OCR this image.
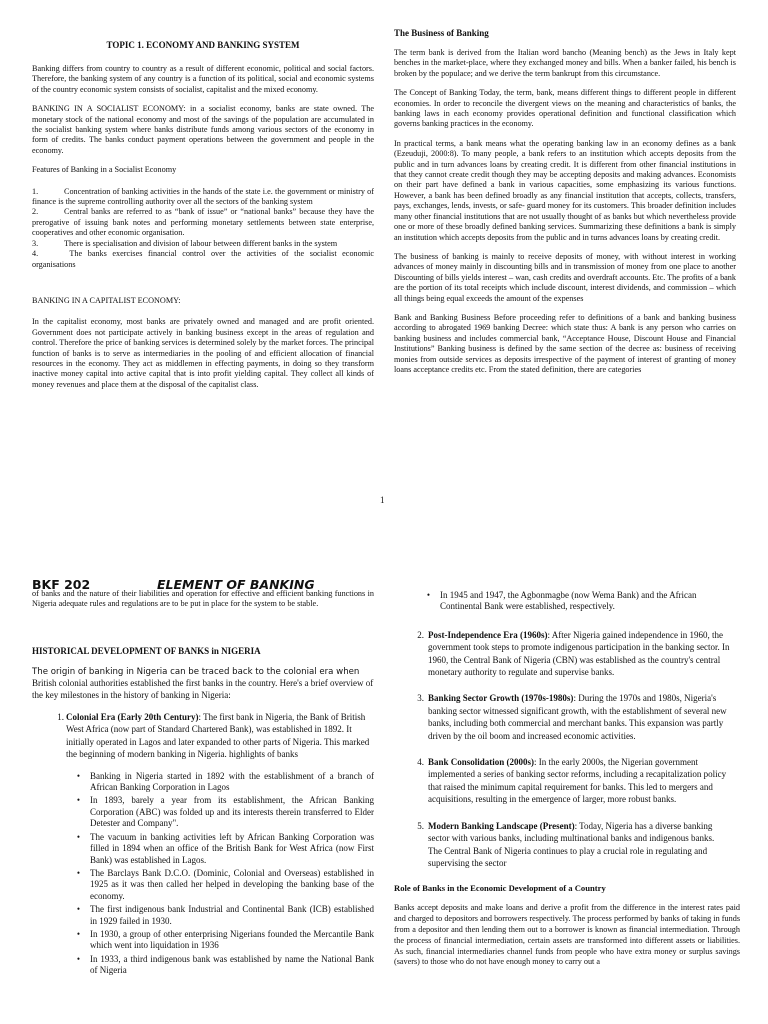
TOPIC 1. ECONOMY AND BANKING SYSTEM

Banking differs from country to country as a result of different economic, political and social factors. Therefore, the banking system of any country is a function of its political, social and economic systems of the country economic system consists of socialist, capitalist and the mixed economy.

BANKING IN A SOCIALIST ECONOMY: in a socialist economy, banks are state owned. The monetary stock of the national economy and most of the savings of the population are accumulated in the socialist banking system where banks distribute funds among various sectors of the economy in form of credits. The banks conduct payment operations between the government and people in the economy.

Features of Banking in a Socialist Economy

1.	Concentration of banking activities in the hands of the state i.e. the government or ministry of finance is the supreme controlling authority over all the sectors of the banking system
2.	Central banks are referred to as “bank of issue” or “national banks” because they have the prerogative of issuing bank notes and performing monetary settlements between state enterprise, cooperatives and other economic organisation.
3.	There is specialisation and division of labour between different banks in the system
4.	The banks exercises financial control over the activities of the socialist economic organisations

BANKING IN A CAPITALIST ECONOMY:

In the capitalist economy, most banks are privately owned and managed and are profit oriented. Government does not participate actively in banking business except in the areas of regulation and control. Therefore the price of banking services is determined solely by the market forces. The principal function of banks is to serve as intermediaries in the pooling of and efficient allocation of financial resources in the economy. They act as middlemen in effecting payments, in doing so they transform inactive money capital into active capital that is into profit yielding capital. They collect all kinds of money revenues and place them at the disposal of the capitalist class.

The Business of Banking

The term bank is derived from the Italian word bancho (Meaning bench) as the Jews in Italy kept benches in the market-place, where they exchanged money and bills. When a banker failed, his bench is broken by the populace; and we derive the term bankrupt from this circumstance.

The Concept of Banking Today, the term, bank, means different things to different people in different economies. In order to reconcile the divergent views on the meaning and characteristics of banks, the banking laws in each economy provides operational definition and functional classification which governs banking practices in the economy.

In practical terms, a bank means what the operating banking law in an economy defines as a bank (Ezeuduji, 2000:8). To many people, a bank refers to an institution which accepts deposits from the public and in turn advances loans by creating credit. It is different from other financial institutions in that they cannot create credit though they may be accepting deposits and making advances. Economists on their part have defined a bank in various capacities, some emphasizing its various functions. However, a bank has been defined broadly as any financial institution that accepts, collects, transfers, pays, exchanges, lends, invests, or safe- guard money for its customers. This broader definition includes many other financial institutions that are not usually thought of as banks but which nevertheless provide one or more of these broadly defined banking services. Summarizing these definitions a bank is simply an institution which accepts deposits from the public and in turns advances loans by creating credit.

The business of banking is mainly to receive deposits of money, with without interest in working advances of money mainly in discounting bills and in transmission of money from one place to another Discounting of bills yields interest – wan, cash credits and overdraft accounts. Etc. The profits of a bank are the portion of its total receipts which include discount, interest dividends, and commission – which all things being equal exceeds the amount of the expenses

Bank and Banking Business Before proceeding refer to definitions of a bank and banking business according to abrogated 1969 banking Decree: which state thus: A bank is any person who carries on banking business and includes commercial bank, “Acceptance House, Discount House and Financial Institutions” Banking business is defined by the same section of the decree as: business of receiving monies from outside services as deposits irrespective of the payment of interest of granting of money loans acceptance credits etc. From the stated definition, there are categories

1
BKF 202	ELEMENT OF BANKING
of banks and the nature of their liabilities and operation for effective and efficient banking functions in Nigeria adequate rules and regulations are to be put in place for the system to be stable.
HISTORICAL DEVELOPMENT OF BANKS in NIGERIA
The origin of banking in Nigeria can be traced back to the colonial era when British colonial authorities established the first banks in the country. Here's a brief overview of the key milestones in the history of banking in Nigeria:
1. Colonial Era (Early 20th Century): The first bank in Nigeria, the Bank of British West Africa (now part of Standard Chartered Bank), was established in 1892. It initially operated in Lagos and later expanded to other parts of Nigeria. This marked the beginning of modern banking in Nigeria. highlights of banks
•	Banking in Nigeria started in 1892 with the establishment of a branch of African Banking Corporation in Lagos
•	In 1893, barely a year from its establishment, the African Banking Corporation (ABC) was folded up and its interests therein transferred to Elder Detester and Company".
•	The vacuum in banking activities left by African Banking Corporation was filled in 1894 when an office of the British Bank for West Africa (now First Bank) was established in Lagos.
•	The Barclays Bank D.C.O. (Dominic, Colonial and Overseas) established in 1925 as it was then called her helped in developing the banking base of the economy.
•	The first indigenous bank Industrial and Continental Bank (ICB) established in 1929 failed in 1930.
•	In 1930, a group of other enterprising Nigerians founded the Mercantile Bank which went into liquidation in 1936
•	In 1933, a third indigenous bank was established by name the National Bank of Nigeria
•	In 1945 and 1947, the Agbonmagbe (now Wema Bank) and the African Continental Bank were established, respectively.
2. Post-Independence Era (1960s): After Nigeria gained independence in 1960, the government took steps to promote indigenous participation in the banking sector. In 1960, the Central Bank of Nigeria (CBN) was established as the country's central monetary authority to regulate and supervise banks.
3. Banking Sector Growth (1970s-1980s): During the 1970s and 1980s, Nigeria's banking sector witnessed significant growth, with the establishment of several new banks, including both commercial and merchant banks. This expansion was partly driven by the oil boom and increased economic activities.
4. Bank Consolidation (2000s): In the early 2000s, the Nigerian government implemented a series of banking sector reforms, including a recapitalization policy that raised the minimum capital requirement for banks. This led to mergers and acquisitions, resulting in the emergence of larger, more robust banks.
5. Modern Banking Landscape (Present): Today, Nigeria has a diverse banking sector with various banks, including multinational banks and indigenous banks. The Central Bank of Nigeria continues to play a crucial role in regulating and supervising the sector
Role of Banks in the Economic Development of a Country
Banks accept deposits and make loans and derive a profit from the difference in the interest rates paid and charged to depositors and borrowers respectively. The process performed by banks of taking in funds from a depositor and then lending them out to a borrower is known as financial intermediation. Through the process of financial intermediation, certain assets are transformed into different assets or liabilities. As such, financial intermediaries channel funds from people who have extra money or surplus savings (savers) to those who do not have enough money to carry out a
